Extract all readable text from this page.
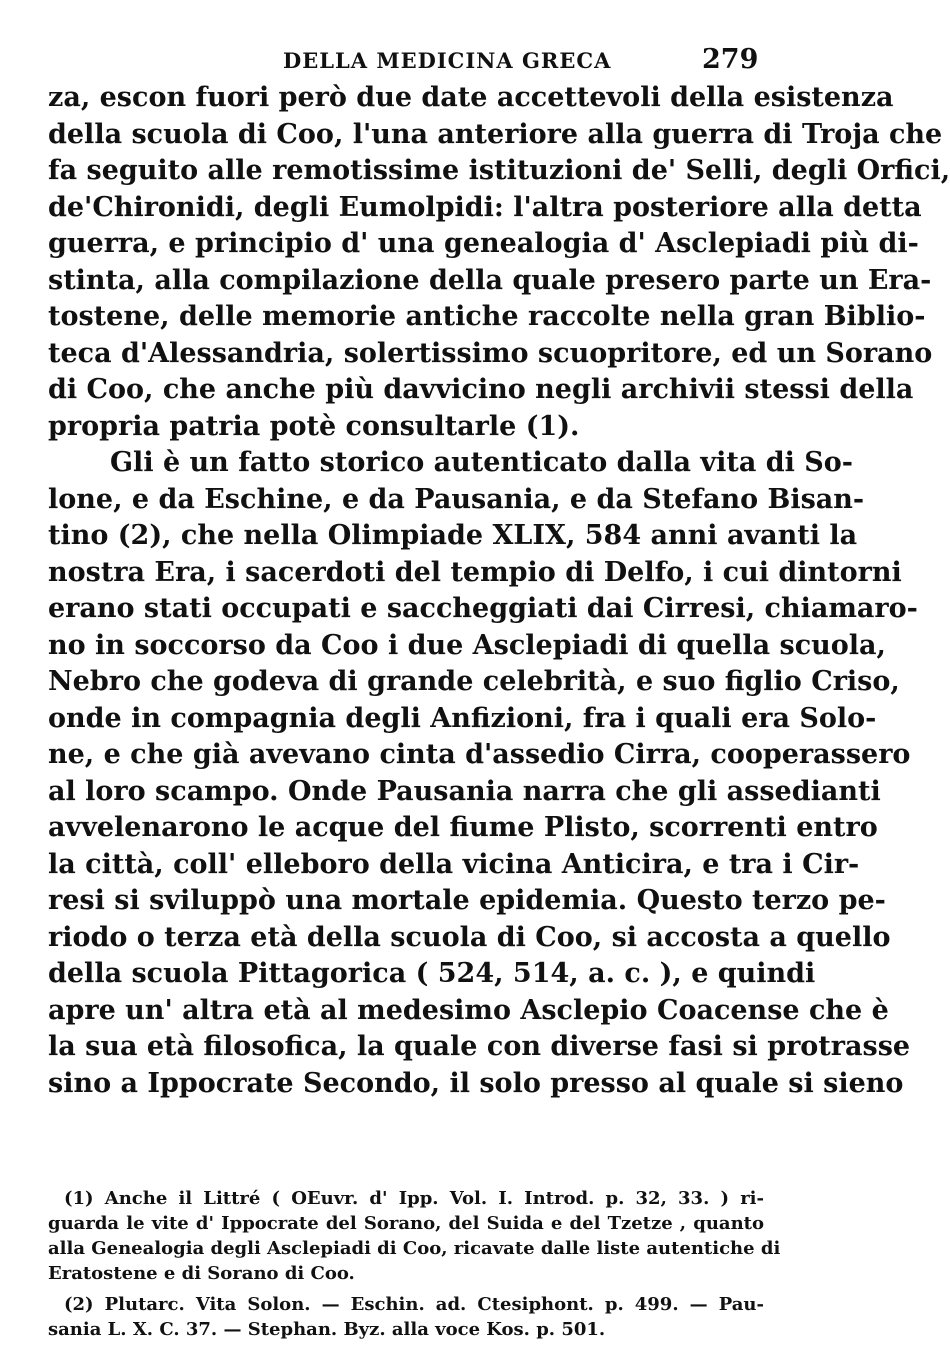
DELLA MEDICINA GRECA	279
za, escon fuori però due date accettevoli della esistenza
della scuola di Coo, l'una anteriore alla guerra di Troja che
fa seguito alle remotissime istituzioni de' Selli, degli Orfici,
de'Chironidi, degli Eumolpidi: l'altra posteriore alla detta
guerra, e principio d' una genealogia d' Asclepiadi più di-
stinta, alla compilazione della quale presero parte un Era-
tostene, delle memorie antiche raccolte nella gran Biblio-
teca d'Alessandria, solertissimo scuopritore, ed un Sorano
di Coo, che anche più davvicino negli archivii stessi della
propria patria potè consultarle (1).
Gli è un fatto storico autenticato dalla vita di So-
lone, e da Eschine, e da Pausania, e da Stefano Bisan-
tino (2), che nella Olimpiade XLIX, 584 anni avanti la
nostra Era, i sacerdoti del tempio di Delfo, i cui dintorni
erano stati occupati e saccheggiati dai Cirresi, chiamaro-
no in soccorso da Coo i due Asclepiadi di quella scuola,
Nebro che godeva di grande celebrità, e suo figlio Criso,
onde in compagnia degli Anfizioni, fra i quali era Solo-
ne, e che già avevano cinta d'assedio Cirra, cooperassero
al loro scampo. Onde Pausania narra che gli assedianti
avvelenarono le acque del fiume Plisto, scorrenti entro
la città, coll' elleboro della vicina Anticira, e tra i Cir-
resi si sviluppò una mortale epidemia. Questo terzo pe-
riodo o terza età della scuola di Coo, si accosta a quello
della scuola Pittagorica ( 524, 514, a. c. ), e quindi
apre un' altra età al medesimo Asclepio Coacense che è
la sua età filosofica, la quale con diverse fasi si protrasse
sino a Ippocrate Secondo, il solo presso al quale si sieno
(1) Anche il Littré ( OEuvr. d' Ipp. Vol. I. Introd. p. 32, 33. ) ri-
guarda le vite d' Ippocrate del Sorano, del Suida e del Tzetze , quanto
alla Genealogia degli Asclepiadi di Coo, ricavate dalle liste autentiche di
Eratostene e di Sorano di Coo.
(2) Plutarc. Vita Solon. — Eschin. ad. Ctesiphont. p. 499. — Pau-
sania L. X. C. 37. — Stephan. Byz. alla voce Kos. p. 501.
